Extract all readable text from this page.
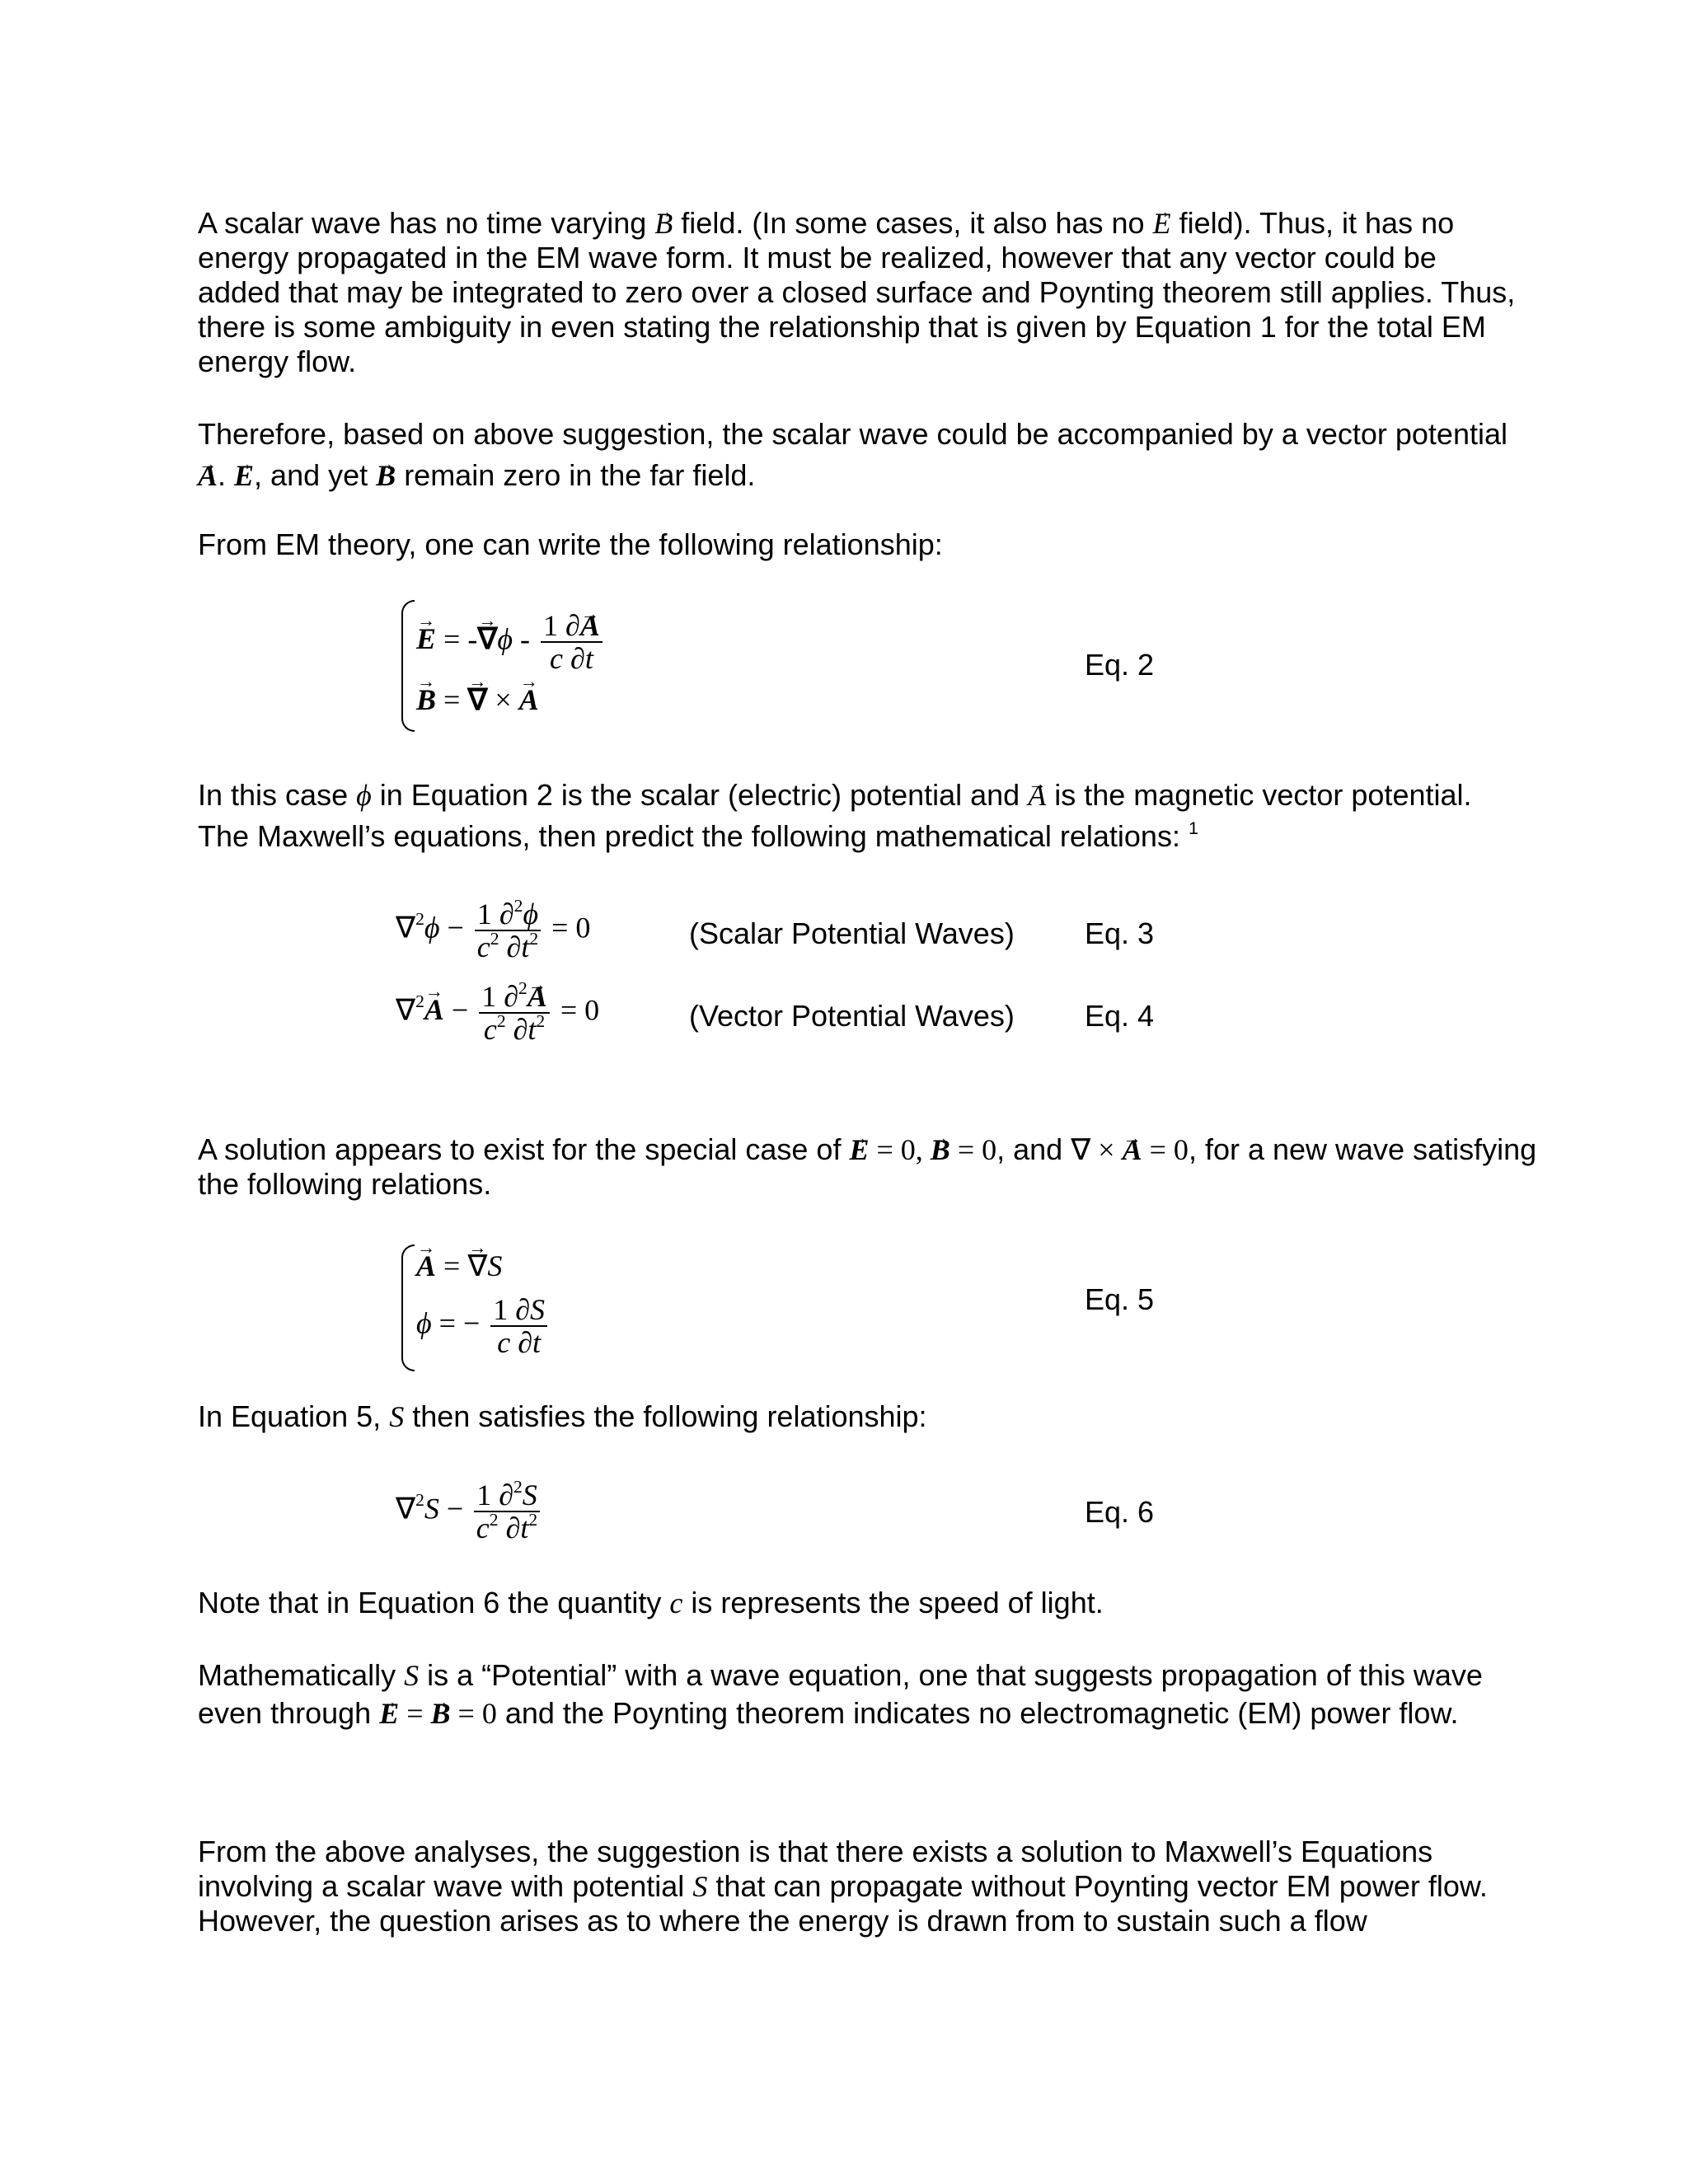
A scalar wave has no time varying → B field. (In some cases, it also has no → E field). Thus, it has no energy propagated in the EM wave form. It must be realized, however that any vector could be added that may be integrated to zero over a closed surface and Poynting theorem still applies. Thus, there is some ambiguity in even stating the relationship that is given by Equation 1 for the total EM energy flow.

Therefore, based on above suggestion, the scalar wave could be accompanied by a vector potential → A. → E, and yet → B remain zero in the far field.

From EM theory, one can write the following relationship:

→ E = -→ $\nabla\phi - \frac{1 \partial\to A}{c \partial t}$
→ B = → ∇ × → A
Eq. 2

In this case ϕ in Equation 2 is the scalar (electric) potential and → A is the magnetic vector potential. The Maxwell’s equations, then predict the following mathematical relations: $^1$

$\nabla^2\phi - \frac{1 \partial^2\phi}{c^2 \partial t^2} = 0$	(Scalar Potential Waves) Eq. 3
$\nabla^2\to A - \frac{1 \partial^2\to A}{c^2 \partial t^2} = 0$	(Vector Potential Waves) Eq. 4

A solution appears to exist for the special case of → E = 0, → B = 0, and ∇ × → A = 0, for a new wave satisfying the following relations.

→ A = → ∇S
ϕ = − $\frac{1 \partial S}{c \partial t}$	Eq. 5

In Equation 5, S then satisfies the following relationship:

$\nabla^2S - \frac{1 \partial^2S}{c^2 \partial t^2}$	Eq. 6

Note that in Equation 6 the quantity c is represents the speed of light.

Mathematically S is a “Potential” with a wave equation, one that suggests propagation of this wave even through → E = → B = 0 and the Poynting theorem indicates no electromagnetic (EM) power flow.

From the above analyses, the suggestion is that there exists a solution to Maxwell’s Equations involving a scalar wave with potential S that can propagate without Poynting vector EM power flow. However, the question arises as to where the energy is drawn from to sustain such a flow
